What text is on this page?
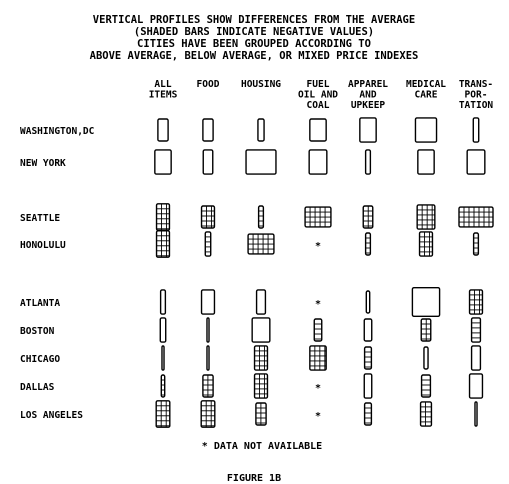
VERTICAL PROFILES SHOW DIFFERENCES FROM THE AVERAGE
(SHADED BARS INDICATE NEGATIVE VALUES)
CITIES HAVE BEEN GROUPED ACCORDING TO
ABOVE AVERAGE, BELOW AVERAGE, OR MIXED PRICE INDEXES
ALL
ITEMS
FOOD HOUSING	FUEL
OIL AND
COAL
APPAREL
AND
UPKEEP
MEDICAL
CARE
TRANS-
POR-
TATION
WASHINGTON,DC
NEW YORK
SEATTLE
HONOLULU
ATLANTA
BOSTON
CHICAGO
DALLAS
LOS ANGELES
*
*
*
*
* DATA NOT AVAILABLE
FIGURE 1B
